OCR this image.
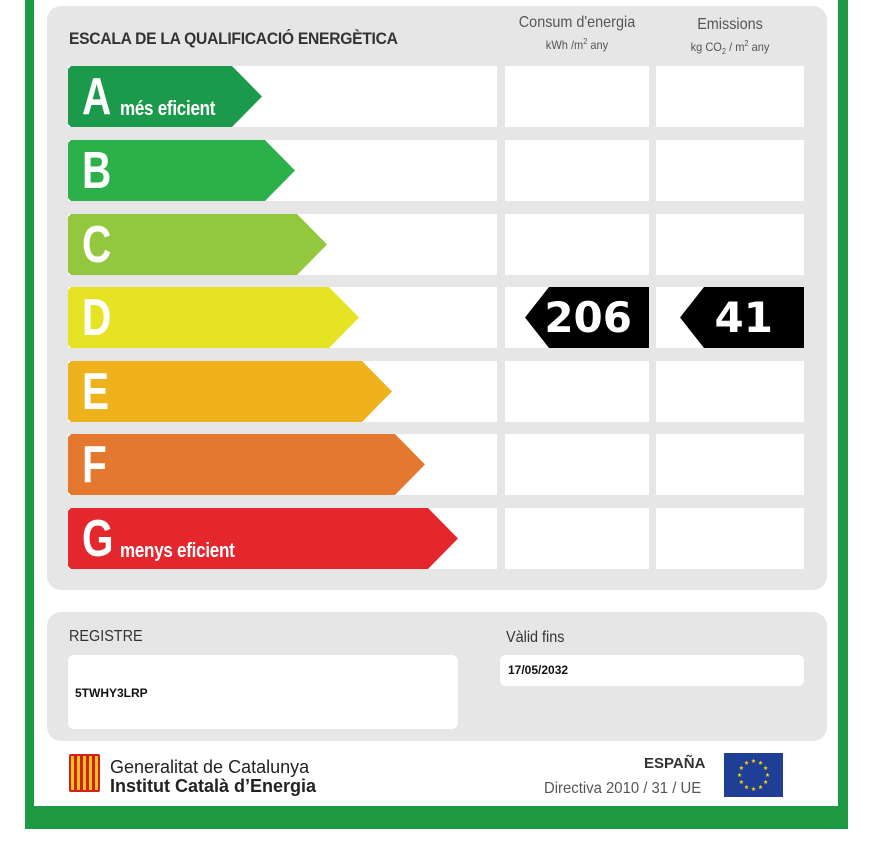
ESCALA DE LA QUALIFICACIÓ ENERGÈTICA
Consum d'energia
kWh $/m^2$ any
Emissions
kg $CO_2 / m^2$ any
A més eficient
B
C
D	206 41
E
F
G menys eficient
REGISTRE
5TWHY3LRP
Vàlid fins
17/05/2032
Generalitat de Catalunya
Institut Català d’Energia
ESPAÑA
Directiva 2010 / 31 / UE
